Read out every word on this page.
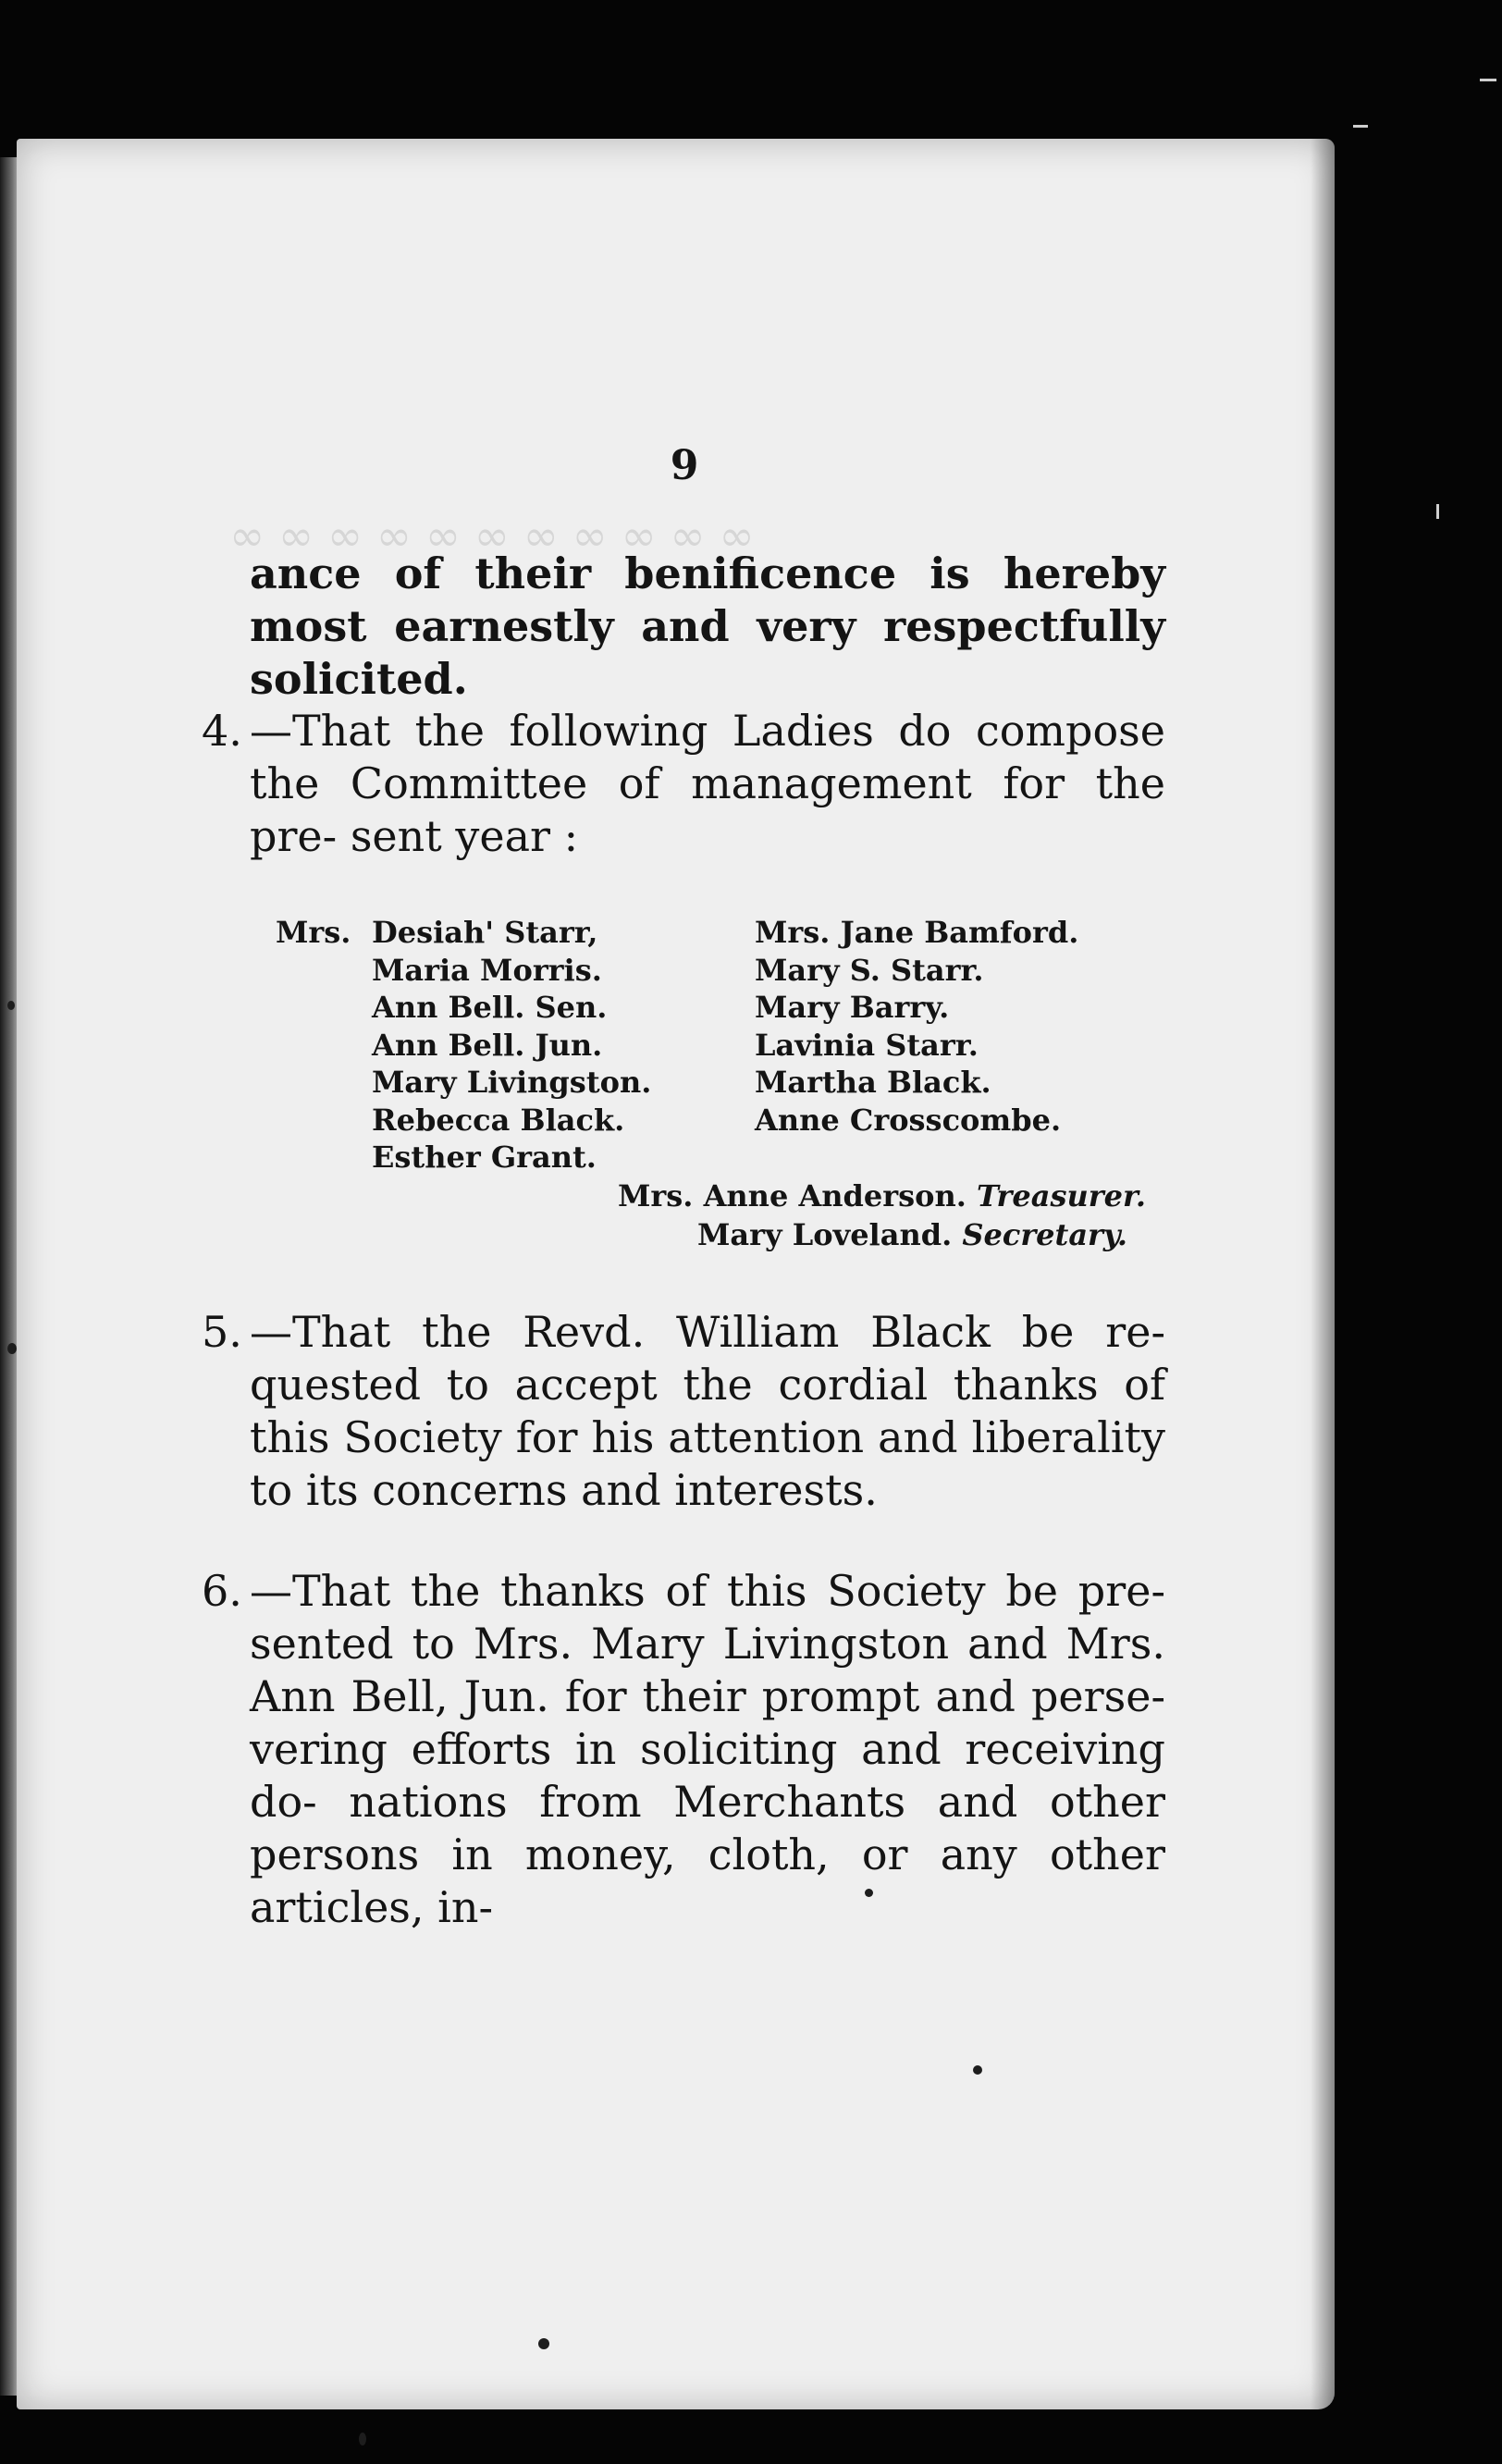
∞ ∞ ∞ ∞ ∞ ∞ ∞ ∞ ∞ ∞ ∞
9

ance of their benificence is hereby most earnestly and very respectfully solicited.

4. —That the following Ladies do compose the Committee of management for the pre- sent year :

Mrs. Desiah' Starr,
Maria Morris.
Ann Bell. Sen.
Ann Bell. Jun.
Mary Livingston.
Rebecca Black.
Esther Grant.
Mrs. Jane Bamford.
Mary S. Starr.
Mary Barry.
Lavinia Starr.
Martha Black.
Anne Crosscombe.
Mrs. Anne Anderson. Treasurer.
Mary Loveland. Secretary.

5. —That the Revd. William Black be re- quested to accept the cordial thanks of this Society for his attention and liberality to its concerns and interests.

6. —That the thanks of this Society be pre- sented to Mrs. Mary Livingston and Mrs. Ann Bell, Jun. for their prompt and perse- vering efforts in soliciting and receiving do- nations from Merchants and other persons in money, cloth, or any other articles, in-
